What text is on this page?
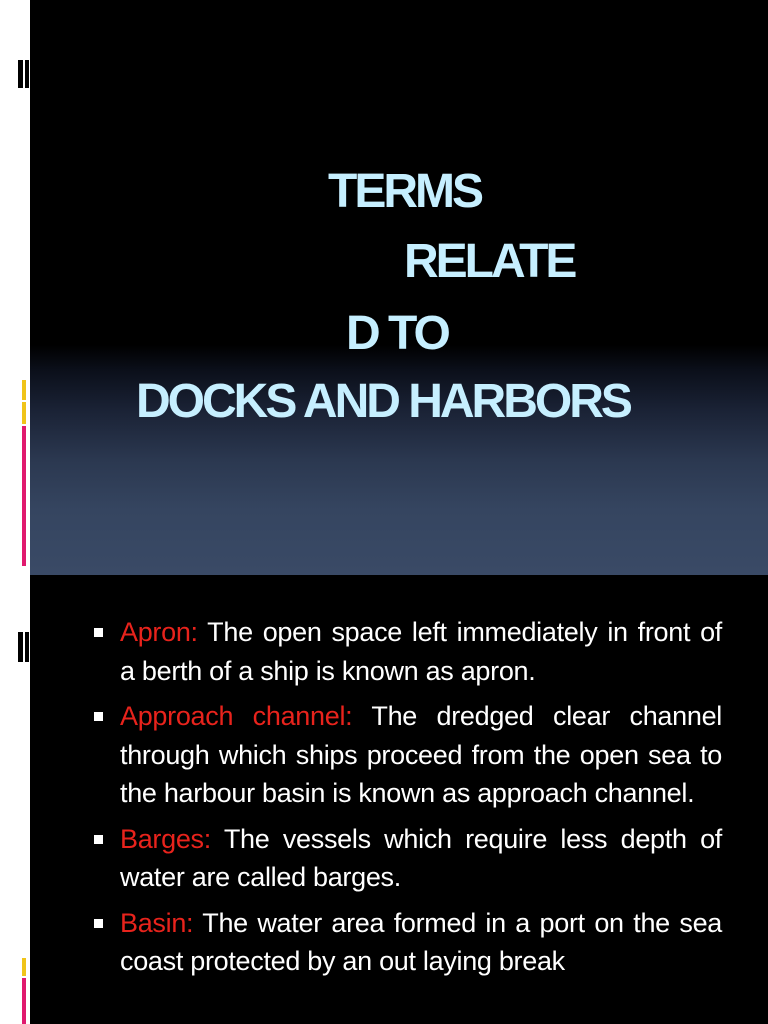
TERMS
RELATE
D TO
DOCKS AND HARBORS
Apron: The open space left immediately in front of a berth of a ship is known as apron.
Approach channel: The dredged clear channel through which ships proceed from the open sea to the harbour basin is known as approach channel.
Barges: The vessels which require less depth of water are called barges.
Basin: The water area formed in a port on the sea coast protected by an out laying break
